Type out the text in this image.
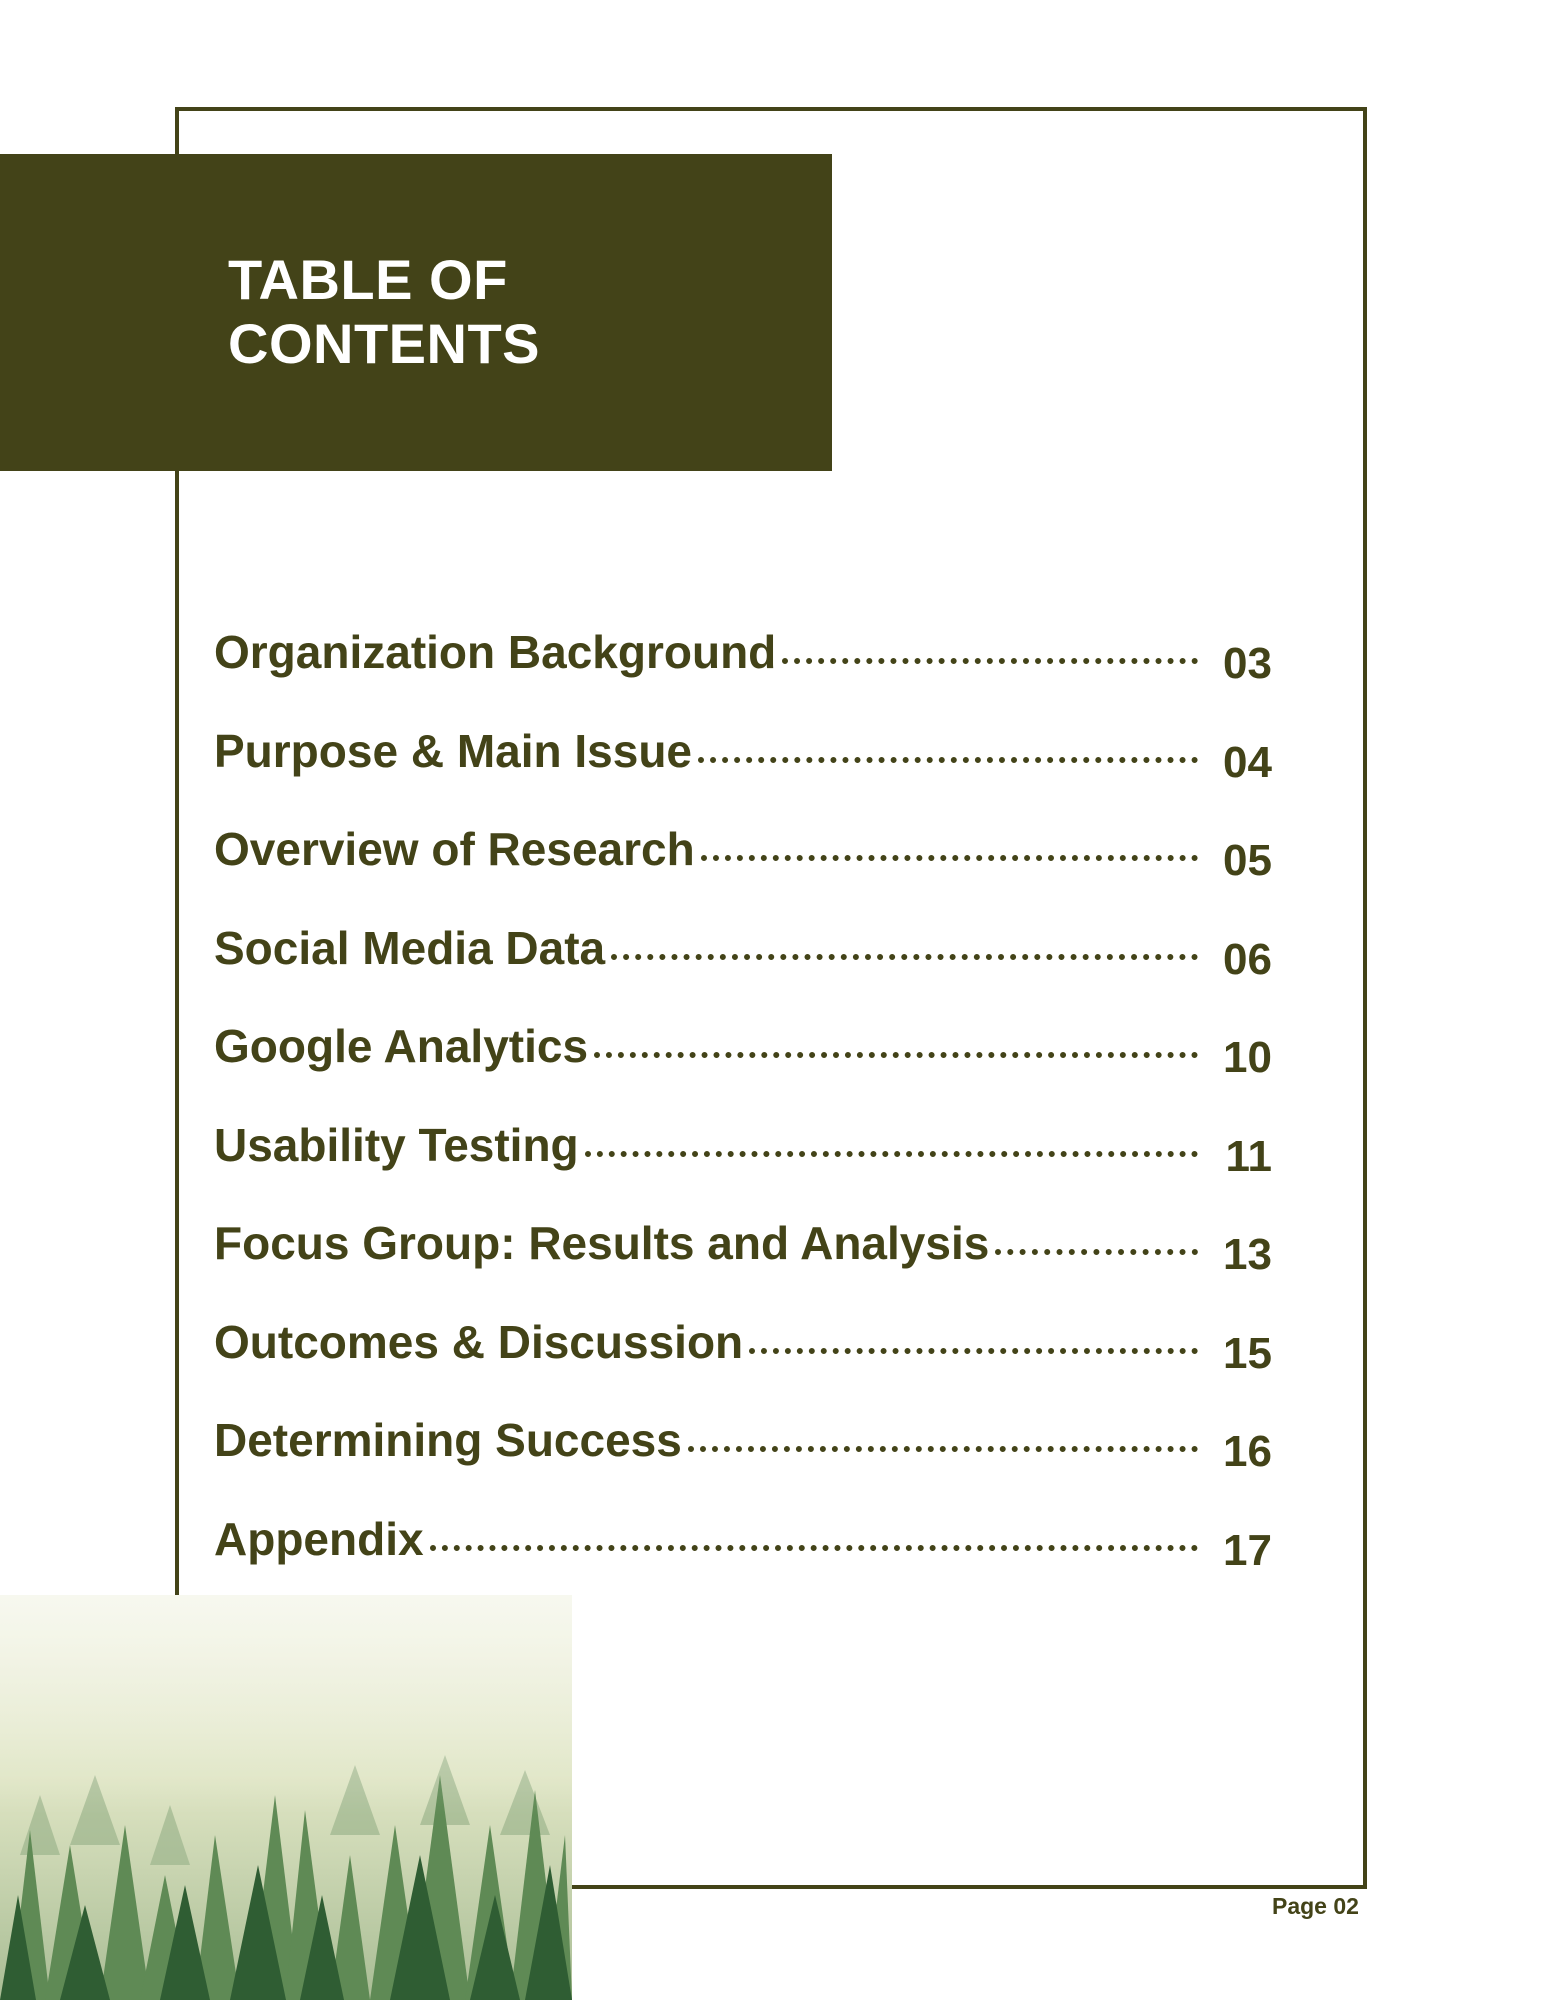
TABLE OF
CONTENTS
Organization Background	03
Purpose & Main Issue	04
Overview of Research	05
Social Media Data	06
Google Analytics	10
Usability Testing	11
Focus Group: Results and Analysis	13
Outcomes & Discussion	15
Determining Success	16
Appendix	17
Page 02
